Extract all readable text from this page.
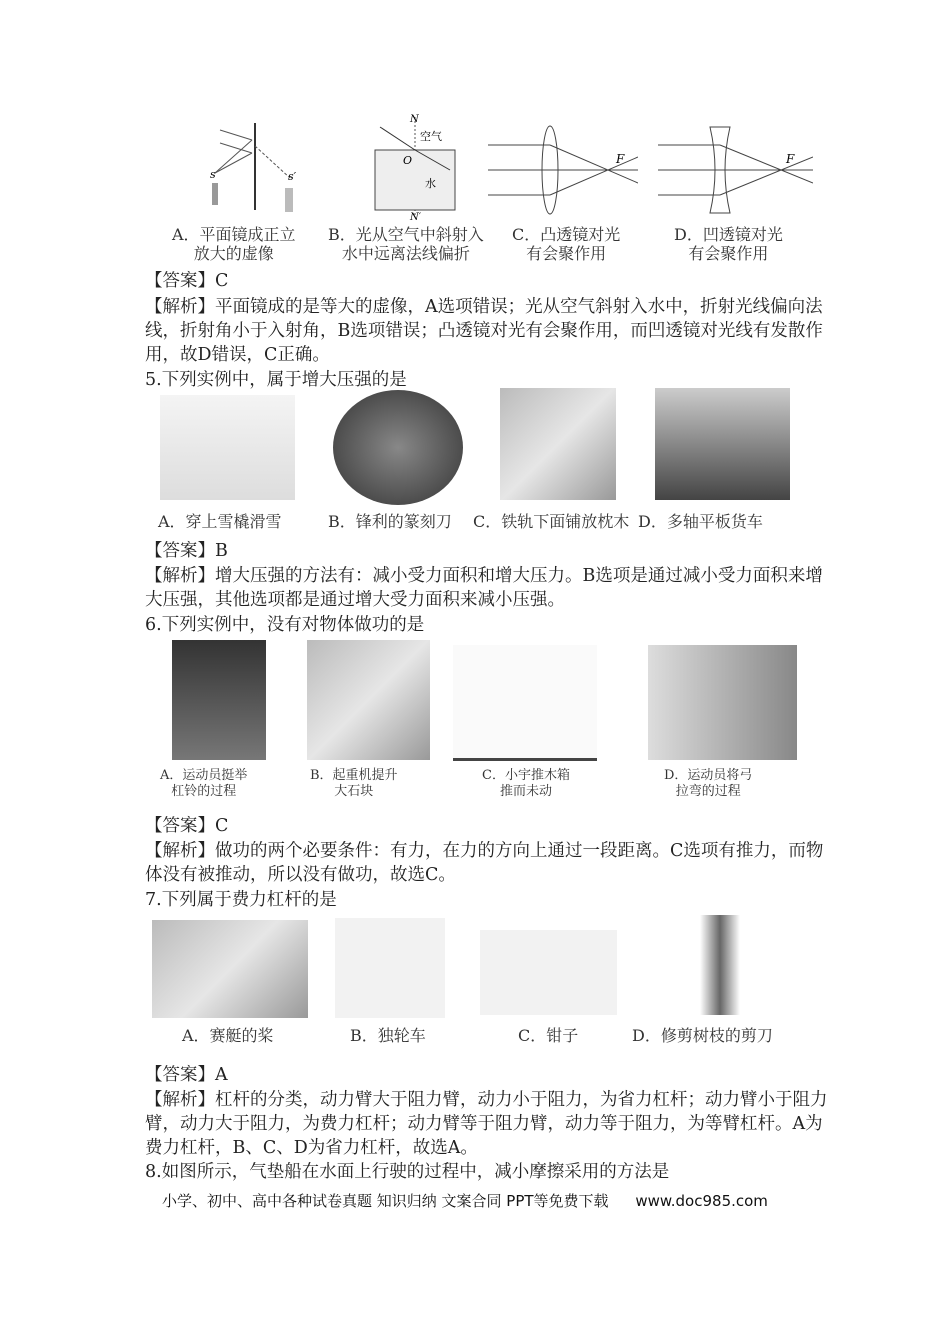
s	s′
N
N′
O
空气
水
F	F
A．平面镜成正立
放大的虚像
B．光从空气中斜射入
水中远离法线偏折
C．凸透镜对光
有会聚作用
D．凹透镜对光
有会聚作用
【答案】C
【解析】平面镜成的是等大的虚像，A选项错误；光从空气斜射入水中，折射光线偏向法
线，折射角小于入射角，B选项错误；凸透镜对光有会聚作用，而凹透镜对光线有发散作
用，故D错误，C正确。
5.下列实例中，属于增大压强的是
A．穿上雪橇滑雪	B．锋利的篆刻刀 C．铁轨下面铺放枕木 D．多轴平板货车
【答案】B
【解析】增大压强的方法有：减小受力面积和增大压力。B选项是通过减小受力面积来增
大压强，其他选项都是通过增大受力面积来减小压强。
6.下列实例中，没有对物体做功的是
A．运动员挺举
杠铃的过程
B．起重机提升
大石块
C．小宇推木箱
推而未动
D．运动员将弓
拉弯的过程
【答案】C
【解析】做功的两个必要条件：有力，在力的方向上通过一段距离。C选项有推力，而物
体没有被推动，所以没有做功，故选C。
7.下列属于费力杠杆的是
A．赛艇的桨	B．独轮车	C．钳子	D．修剪树枝的剪刀
【答案】A
【解析】杠杆的分类，动力臂大于阻力臂，动力小于阻力，为省力杠杆；动力臂小于阻力
臂，动力大于阻力，为费力杠杆；动力臂等于阻力臂，动力等于阻力，为等臂杠杆。A为
费力杠杆，B、C、D为省力杠杆，故选A。
8.如图所示，气垫船在水面上行驶的过程中，减小摩擦采用的方法是
小学、初中、高中各种试卷真题 知识归纳 文案合同 PPT等免费下载 www.doc985.com
